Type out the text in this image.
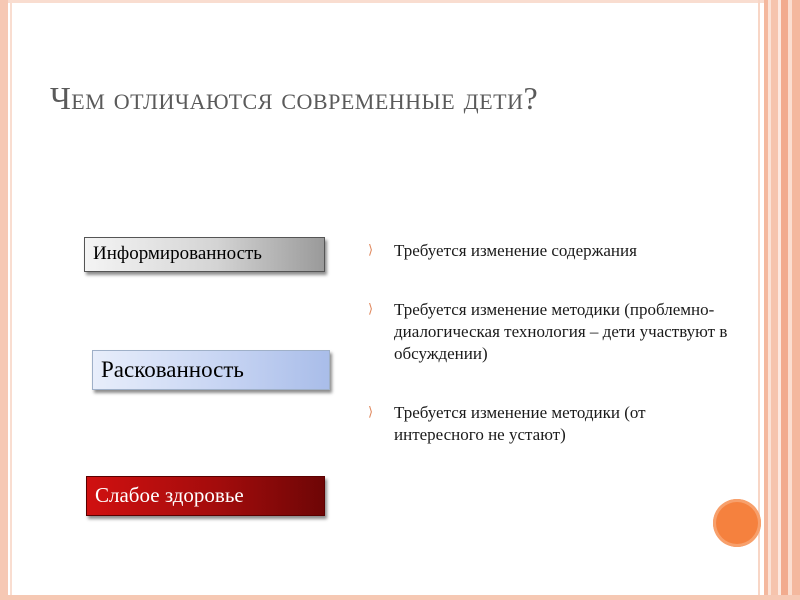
Чем отличаются современные дети?
Информированность
Раскованность
Слабое здоровье
⟩ Требуется изменение содержания
⟩ Требуется изменение методики (проблемно-диалогическая технология – дети участвуют в обсуждении)
⟩ Требуется изменение методики (от интересного не устают)
